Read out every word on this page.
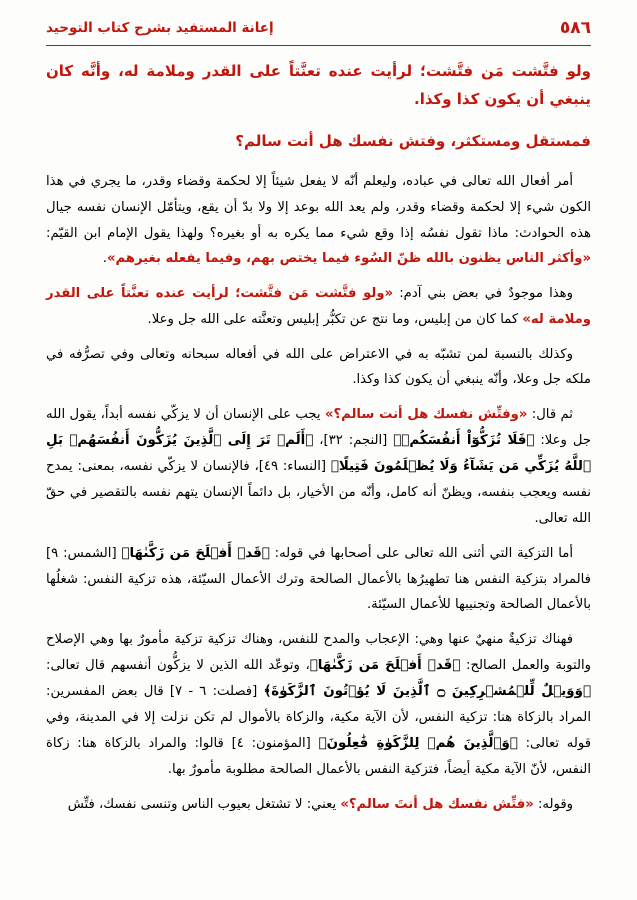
٥٨٦
إعانة المستفيد بشرح كتاب التوحيد
ولو فتَّشت مَن فتَّشت؛ لرأيت عنده تعنَّتاً على القدر وملامة له، وأنَّه كان ينبغي أن يكون كذا وكذا.
فمستقل ومستكثر، وفتش نفسك هل أنت سالم؟

أمر أفعال الله تعالى في عباده، وليعلم أنّه لا يفعل شيئاً إلا لحكمة وقضاء وقدر، ما يجري في هذا الكون شيء إلا لحكمة وقضاء وقدر، ولم يعد الله بوعد إلا ولا بدّ أن يقع، ويتأمّل الإنسان نفسه جيال هذه الحوادث: ماذا تقول نفسُه إذا وقع شيء مما يكره به أو بغيره؟ ولهذا يقول الإمام ابن القيّم: «وأكثر الناس يظنون بالله ظنّ السُوء فيما يختص بهم، وفيما يفعله بغيرهم».

وهذا موجودٌ في بعض بني آدم: «ولو فتَّشت مَن فتَّشت؛ لرأيت عنده تعنَّتاً على القدر وملامة له» كما كان من إبليس، وما نتج عن تكبُّر إبليس وتعنَّته على الله جل وعلا.

وكذلك بالنسبة لمن تشبّه به في الاعتراض على الله في أفعاله سبحانه وتعالى وفي تصرُّفه في ملكه جل وعلا، وأنّه ينبغي أن يكون كذا وكذا.

ثم قال: «وفتِّش نفسك هل أنت سالم؟» يجب على الإنسان أن لا يزكّي نفسه أبداً، يقول الله جل وعلا: ﴿فَلَا تُزَكُّوٓاْ أَنفُسَكُمۡ﴾ [النجم: ٣٢]، ﴿أَلَمۡ تَرَ إِلَى ٱلَّذِينَ يُزَكُّونَ أَنفُسَهُمۚ بَلِ ٱللَّهُ يُزَكِّي مَن يَشَآءُ وَلَا يُظۡلَمُونَ فَتِيلًا﴾ [النساء: ٤٩]، فالإنسان لا يزكّي نفسه، بمعنى: يمدح نفسه ويعجب بنفسه، ويظنّ أنه كامل، وأنّه من الأخيار، بل دائماً الإنسان يتهم نفسه بالتقصير في حقّ الله تعالى.

أما التزكية التي أثنى الله تعالى على أصحابها في قوله: ﴿قَدۡ أَفۡلَحَ مَن زَكَّىٰهَا﴾ [الشمس: ٩] فالمراد بتزكية النفس هنا تطهيرُها بالأعمال الصالحة وترك الأعمال السيّئة، هذه تزكية النفس: شغلُها بالأعمال الصالحة وتجنيبها للأعمال السيّئة.

فهناك تزكيةٌ منهيٌ عنها وهي: الإعجاب والمدح للنفس، وهناك تزكية تزكية مأمورٌ بها وهي الإصلاح والتوبة والعمل الصالح: ﴿قَدۡ أَفۡلَحَ مَن زَكَّىٰهَا﴾، وتوعّد الله الذين لا يزكُّون أنفسهم قال تعالى: ﴿وَوَيۡلٌ لِّلۡمُشۡرِكِينَ ۝ ٱلَّذِينَ لَا يُؤۡتُونَ ٱلزَّكَوٰةَ﴾ [فصلت: ٦ - ٧] قال بعض المفسرين: المراد بالزكاة هنا: تزكية النفس، لأن الآية مكية، والزكاة بالأموال لم تكن نزلت إلا في المدينة، وفي قوله تعالى: ﴿وَٱلَّذِينَ هُمۡ لِلزَّكَوٰةِ فَٰعِلُونَ﴾ [المؤمنون: ٤] قالوا: والمراد بالزكاة هنا: زكاة النفس، لأنّ الآية مكية أيضاً، فتزكية النفس بالأعمال الصالحة مطلوبة مأمورٌ بها.

وقوله: «فتِّش نفسك هل أنتَ سالم؟» يعني: لا تشتغل بعيوب الناس وتنسى نفسك، فتِّش
